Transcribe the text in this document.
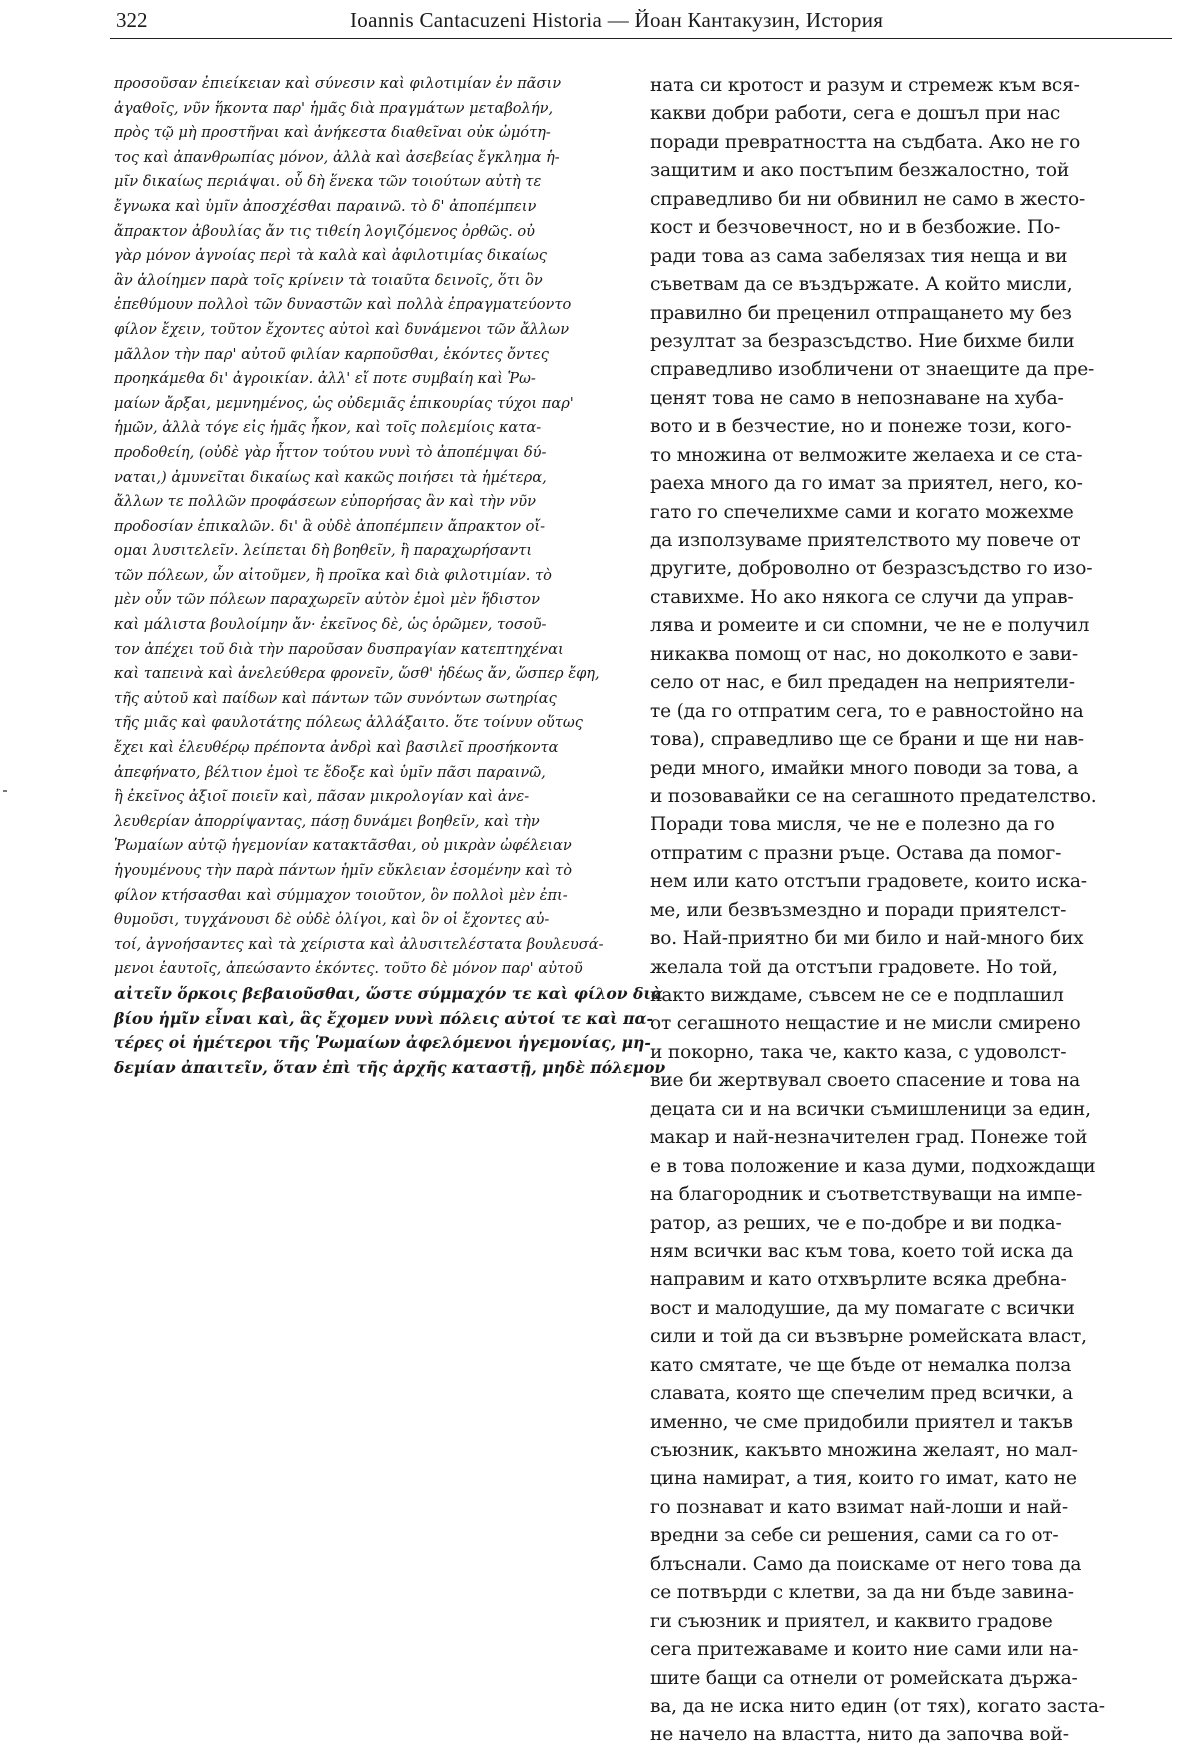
322	Ioannis Cantacuzeni Historia — Йоан Кантакузин, История
προσοῦσαν ἐπιείκειαν καὶ σύνεσιν καὶ φιλοτιμίαν ἐν πᾶσιν
ἀγαθοῖς, νῦν ἥκοντα παρ' ἡμᾶς διὰ πραγμάτων μεταβολήν,
πρὸς τῷ μὴ προστῆναι καὶ ἀνήκεστα διαθεῖναι οὐκ ὠμότη-
τος καὶ ἀπανθρωπίας μόνον, ἀλλὰ καὶ ἀσεβείας ἔγκλημα ἡ-
μῖν δικαίως περιάψαι. οὗ δὴ ἕνεκα τῶν τοιούτων αὐτὴ τε
ἔγνωκα καὶ ὑμῖν ἀποσχέσθαι παραινῶ. τὸ δ' ἀποπέμπειν
ἄπρακτον ἀβουλίας ἄν τις τιθείη λογιζόμενος ὀρθῶς. οὐ
γὰρ μόνον ἀγνοίας περὶ τὰ καλὰ καὶ ἀφιλοτιμίας δικαίως
ἂν ἁλοίημεν παρὰ τοῖς κρίνειν τὰ τοιαῦτα δεινοῖς, ὅτι ὃν
ἐπεθύμουν πολλοὶ τῶν δυναστῶν καὶ πολλὰ ἐπραγματεύοντο
φίλον ἔχειν, τοῦτον ἔχοντες αὐτοὶ καὶ δυνάμενοι τῶν ἄλλων
μᾶλλον τὴν παρ' αὐτοῦ φιλίαν καρποῦσθαι, ἑκόντες ὄντες
προηκάμεθα δι' ἀγροικίαν. ἀλλ' εἴ ποτε συμβαίη καὶ Ῥω-
μαίων ἄρξαι, μεμνημένος, ὡς οὐδεμιᾶς ἐπικουρίας τύχοι παρ'
ἡμῶν, ἀλλὰ τόγε εἰς ἡμᾶς ἧκον, καὶ τοῖς πολεμίοις κατα-
προδοθείη, (οὐδὲ γὰρ ἧττον τούτου νυνὶ τὸ ἀποπέμψαι δύ-
ναται,) ἀμυνεῖται δικαίως καὶ κακῶς ποιήσει τὰ ἡμέτερα,
ἄλλων τε πολλῶν προφάσεων εὐπορήσας ἂν καὶ τὴν νῦν
προδοσίαν ἐπικαλῶν. δι' ἃ οὐδὲ ἀποπέμπειν ἄπρακτον οἴ-
ομαι λυσιτελεῖν. λείπεται δὴ βοηθεῖν, ἢ παραχωρήσαντι
τῶν πόλεων, ὧν αἰτοῦμεν, ἢ προῖκα καὶ διὰ φιλοτιμίαν. τὸ
μὲν οὖν τῶν πόλεων παραχωρεῖν αὐτὸν ἐμοὶ μὲν ἥδιστον
καὶ μάλιστα βουλοίμην ἄν· ἐκεῖνος δὲ, ὡς ὁρῶμεν, τοσοῦ-
τον ἀπέχει τοῦ διὰ τὴν παροῦσαν δυσπραγίαν κατεπτηχέναι
καὶ ταπεινὰ καὶ ἀνελεύθερα φρονεῖν, ὥσθ' ἡδέως ἄν, ὥσπερ ἔφη,
τῆς αὐτοῦ καὶ παίδων καὶ πάντων τῶν συνόντων σωτηρίας
τῆς μιᾶς καὶ φαυλοτάτης πόλεως ἀλλάξαιτο. ὅτε τοίνυν οὕτως
ἔχει καὶ ἐλευθέρῳ πρέποντα ἀνδρὶ καὶ βασιλεῖ προσήκοντα
ἀπεφήνατο, βέλτιον ἐμοὶ τε ἔδοξε καὶ ὑμῖν πᾶσι παραινῶ,
ἢ ἐκεῖνος ἀξιοῖ ποιεῖν καὶ, πᾶσαν μικρολογίαν καὶ ἀνε-
λευθερίαν ἀπορρίψαντας, πάσῃ δυνάμει βοηθεῖν, καὶ τὴν
Ῥωμαίων αὐτῷ ἡγεμονίαν κατακτᾶσθαι, οὐ μικρὰν ὠφέλειαν
ἡγουμένους τὴν παρὰ πάντων ἡμῖν εὔκλειαν ἐσομένην καὶ τὸ
φίλον κτήσασθαι καὶ σύμμαχον τοιοῦτον, ὃν πολλοὶ μὲν ἐπι-
θυμοῦσι, τυγχάνουσι δὲ οὐδὲ ὀλίγοι, καὶ ὃν οἱ ἔχοντες αὐ-
τοί, ἀγνοήσαντες καὶ τὰ χείριστα καὶ ἀλυσιτελέστατα βουλευσά-
μενοι ἑαυτοῖς, ἀπεώσαντο ἑκόντες. τοῦτο δὲ μόνον παρ' αὐτοῦ
αἰτεῖν ὅρκοις βεβαιοῦσθαι, ὥστε σύμμαχόν τε καὶ φίλον διὰ
βίου ἡμῖν εἶναι καὶ, ἃς ἔχομεν νυνὶ πόλεις αὐτοί τε καὶ πα-
τέρες οἱ ἡμέτεροι τῆς Ῥωμαίων ἀφελόμενοι ἡγεμονίας, μη-
δεμίαν ἀπαιτεῖν, ὅταν ἐπὶ τῆς ἀρχῆς καταστῇ, μηδὲ πόλεμον
ната си кротост и разум и стремеж към вся-
какви добри работи, сега е дошъл при нас
поради превратността на съдбата. Ако не го
защитим и ако постъпим безжалостно, той
справедливо би ни обвинил не само в жесто-
кост и безчовечност, но и в безбожие. По-
ради това аз сама забелязах тия неща и ви
съветвам да се въздържате. А който мисли,
правилно би преценил отпращането му без
резултат за безразсъдство. Ние бихме били
справедливо изобличени от знаещите да пре-
ценят това не само в непознаване на хуба-
вото и в безчестие, но и понеже този, кого-
то множина от велможите желаеха и се ста-
раеха много да го имат за приятел, него, ко-
гато го спечелихме сами и когато можехме
да използуваме приятелството му повече от
другите, доброволно от безразсъдство го изо-
ставихме. Но ако някога се случи да управ-
лява и ромеите и си спомни, че не е получил
никаква помощ от нас, но доколкото е зави-
село от нас, е бил предаден на неприятели-
те (да го отпратим сега, то е равностойно на
това), справедливо ще се брани и ще ни нав-
реди много, имайки много поводи за това, а
и позовавайки се на сегашното предателство.
Поради това мисля, че не е полезно да го
отпратим с празни ръце. Остава да помог-
нем или като отстъпи градовете, които иска-
ме, или безвъзмездно и поради приятелст-
во. Най-приятно би ми било и най-много бих
желала той да отстъпи градовете. Но той,
както виждаме, съвсем не се е подплашил
от сегашното нещастие и не мисли смирено
и покорно, така че, както каза, с удоволст-
вие би жертвувал своето спасение и това на
децата си и на всички съмишленици за един,
макар и най-незначителен град. Понеже той
е в това положение и каза думи, подхождащи
на благородник и съответствуващи на импе-
ратор, аз реших, че е по-добре и ви подка-
ням всички вас към това, което той иска да
направим и като отхвърлите всяка дребна-
вост и малодушие, да му помагате с всички
сили и той да си възвърне ромейската власт,
като смятате, че ще бъде от немалка полза
славата, която ще спечелим пред всички, а
именно, че сме придобили приятел и такъв
съюзник, какъвто множина желаят, но мал-
цина намират, а тия, които го имат, като не
го познават и като взимат най-лоши и най-
вредни за себе си решения, сами са го от-
блъснали. Само да поискаме от него това да
се потвърди с клетви, за да ни бъде завина-
ги съюзник и приятел, и каквито градове
сега притежаваме и които ние сами или на-
шите бащи са отнели от ромейската държа-
ва, да не иска нито един (от тях), когато заста-
не начело на властта, нито да започва вой-
